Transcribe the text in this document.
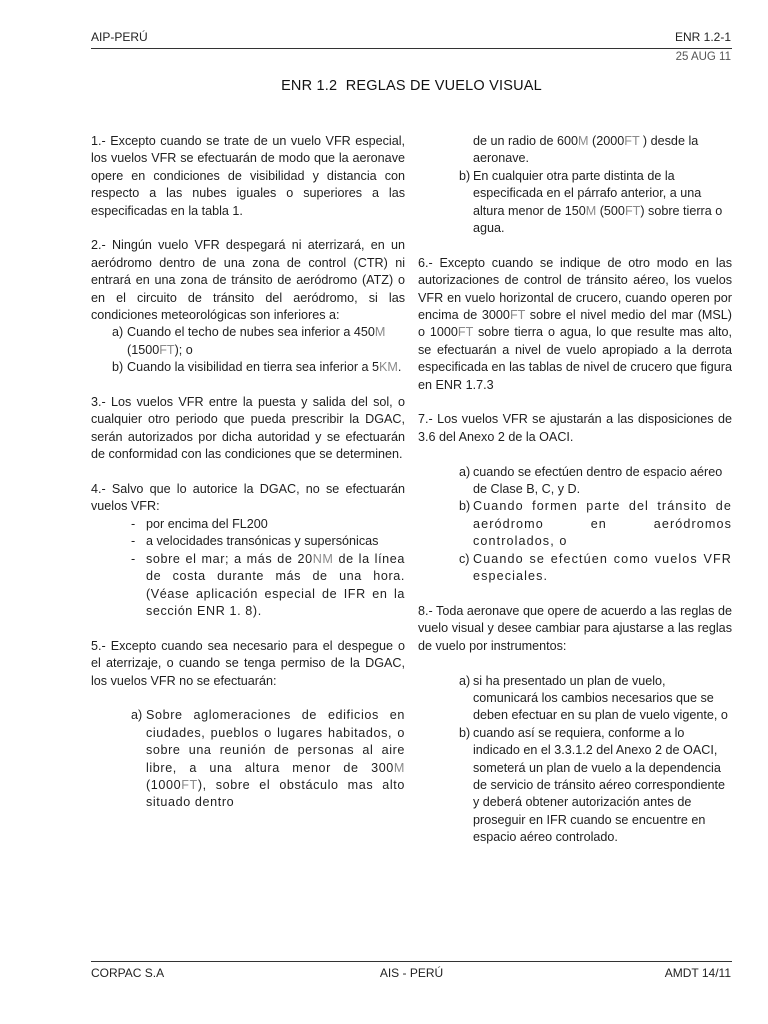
AIP-PERÚ	ENR 1.2-1
25 AUG 11
ENR 1.2  REGLAS DE VUELO VISUAL

1.- Excepto cuando se trate de un vuelo VFR especial, los vuelos VFR se efectuarán de modo que la aeronave opere en condiciones de visibilidad y distancia con respecto a las nubes iguales o superiores a las especificadas en la tabla 1.

2.- Ningún vuelo VFR despegará ni aterrizará, en un aeródromo dentro de una zona de control (CTR) ni entrará en una zona de tránsito de aeródromo (ATZ) o en el circuito de tránsito del aeródromo, si las condiciones meteorológicas son inferiores a:

a) Cuando el techo de nubes sea inferior a 450M
(1500FT); o
b) Cuando la visibilidad en tierra sea inferior a 5KM.

3.- Los vuelos VFR entre la puesta y salida del sol, o cualquier otro periodo que pueda prescribir la DGAC, serán autorizados por dicha autoridad y se efectuarán de conformidad con las condiciones que se determinen.

4.- Salvo que lo autorice la DGAC, no se efectuarán vuelos VFR:

- por encima del FL200
- a velocidades transónicas y supersónicas
- sobre el mar; a más de 20NM de la línea de costa durante más de una hora. (Véase aplicación especial de IFR en la sección ENR 1. 8).

5.- Excepto cuando sea necesario para el despegue o el aterrizaje, o cuando se tenga permiso de la DGAC, los vuelos VFR no se efectuarán:

a) Sobre aglomeraciones de edificios en ciudades, pueblos o lugares habitados, o sobre una reunión de personas al aire libre, a una altura menor de 300M (1000FT), sobre el obstáculo mas alto situado dentro
de un radio de 600M (2000FT ) desde la aeronave.
b) En cualquier otra parte distinta de la especificada en el párrafo anterior, a una altura menor de 150M (500FT) sobre tierra o agua.

6.- Excepto cuando se indique de otro modo en las autorizaciones de control de tránsito aéreo, los vuelos VFR en vuelo horizontal de crucero, cuando operen por encima de 3000FT sobre el nivel medio del mar (MSL) o 1000FT sobre tierra o agua, lo que resulte mas alto, se efectuarán a nivel de vuelo apropiado a la derrota especificada en las tablas de nivel de crucero que figura en ENR 1.7.3

7.- Los vuelos VFR se ajustarán a las disposiciones de 3.6 del Anexo 2 de la OACI.

a) cuando se efectúen dentro de espacio aéreo de Clase B, C, y D.
b) Cuando formen parte del tránsito de aeródromo en aeródromos controlados, o
c) Cuando se efectúen como vuelos VFR especiales.

8.- Toda aeronave que opere de acuerdo a las reglas de vuelo visual y desee cambiar para ajustarse a las reglas de vuelo por instrumentos:

a) si ha presentado un plan de vuelo, comunicará los cambios necesarios que se deben efectuar en su plan de vuelo vigente, o
b) cuando así se requiera, conforme a lo indicado en el 3.3.1.2 del Anexo 2 de OACI, someterá un plan de vuelo a la dependencia de servicio de tránsito aéreo correspondiente y deberá obtener autorización antes de proseguir en IFR cuando se encuentre en espacio aéreo controlado.
CORPAC S.A	AIS - PERÚ	AMDT 14/11
